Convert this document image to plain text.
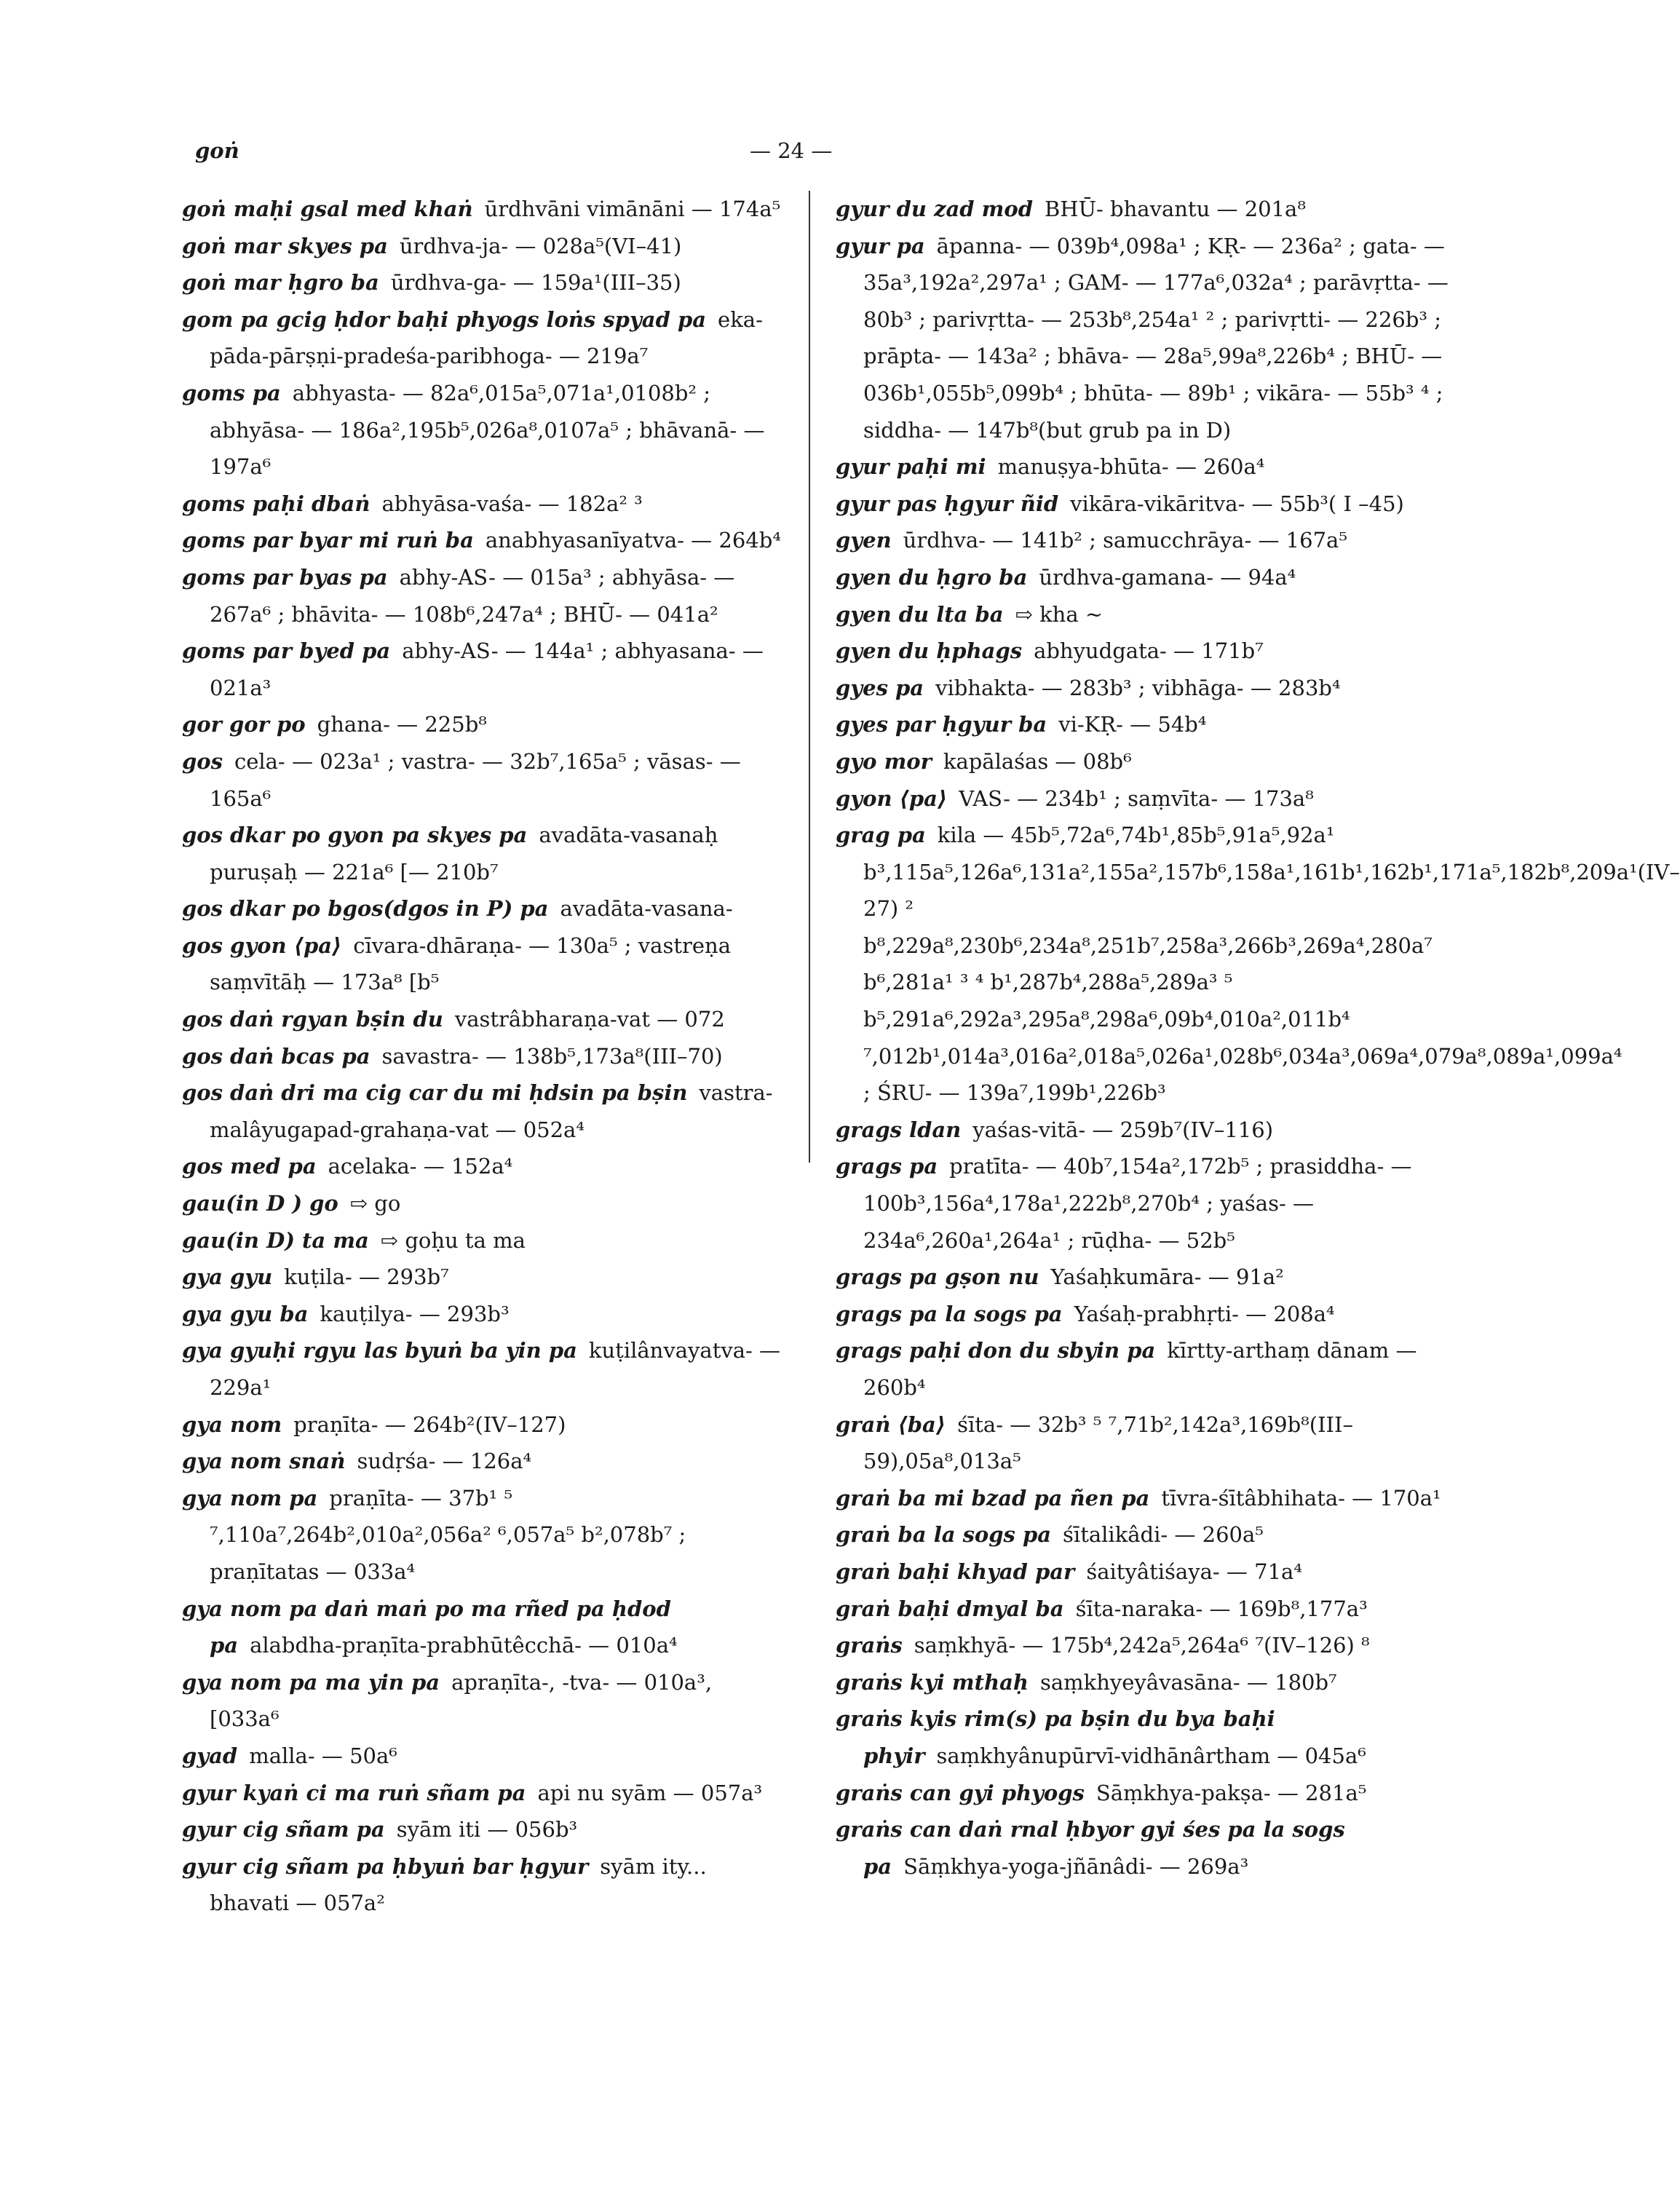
goṅ	— 24 —

goṅ maḥi gsal med khaṅ ūrdhvāni vimānāni — 174a⁵

goṅ mar skyes pa ūrdhva-ja- — 028a⁵(VI–41)

goṅ mar ḥgro ba ūrdhva-ga- — 159a¹(III–35)

gom pa gcig ḥdor baḥi phyogs loṅs spyad pa eka-pāda-pārṣṇi-pradeśa-paribhoga- — 219a⁷

goms pa abhyasta- — 82a⁶,015a⁵,071a¹,0108b² ; abhyāsa- — 186a²,195b⁵,026a⁸,0107a⁵ ; bhāvanā- — 197a⁶

goms paḥi dbaṅ abhyāsa-vaśa- — 182a² ³

goms par byar mi ruṅ ba anabhyasanīyatva- — 264b⁴

goms par byas pa abhy-AS- — 015a³ ; abhyāsa- — 267a⁶ ; bhāvita- — 108b⁶,247a⁴ ; BHŪ- — 041a²

goms par byed pa abhy-AS- — 144a¹ ; abhyasana- — 021a³

gor gor po ghana- — 225b⁸

gos cela- — 023a¹ ; vastra- — 32b⁷,165a⁵ ; vāsas- — 165a⁶

gos dkar po gyon pa skyes pa avadāta-vasanaḥ puruṣaḥ — 221a⁶ [— 210b⁷

gos dkar po bgos(dgos in P) pa avadāta-vasana-

gos gyon ⟨pa⟩ cīvara-dhāraṇa- — 130a⁵ ; vastreṇa saṃvītāḥ — 173a⁸ [b⁵

gos daṅ rgyan bṣin du vastrâbharaṇa-vat — 072

gos daṅ bcas pa savastra- — 138b⁵,173a⁸(III–70)

gos daṅ dri ma cig car du mi ḥdsin pa bṣin vastra-malâyugapad-grahaṇa-vat — 052a⁴

gos med pa acelaka- — 152a⁴

gau(in D ) go ⇨ go

gau(in D) ta ma ⇨ goḥu ta ma

gya gyu kuṭila- — 293b⁷

gya gyu ba kauṭilya- — 293b³

gya gyuḥi rgyu las byuṅ ba yin pa kuṭilânvayatva- — 229a¹

gya nom praṇīta- — 264b²(IV–127)

gya nom snaṅ sudṛśa- — 126a⁴

gya nom pa praṇīta- — 37b¹ ⁵ ⁷,110a⁷,264b²,010a²,056a² ⁶,057a⁵ b²,078b⁷ ; praṇītatas — 033a⁴

gya nom pa daṅ maṅ po ma rñed pa ḥdod pa alabdha-praṇīta-prabhūtêcchā- — 010a⁴

gya nom pa ma yin pa apraṇīta-, -tva- — 010a³, [033a⁶

gyad malla- — 50a⁶

gyur kyaṅ ci ma ruṅ sñam pa api nu syām — 057a³

gyur cig sñam pa syām iti — 056b³

gyur cig sñam pa ḥbyuṅ bar ḥgyur syām ity... bhavati — 057a²

gyur du zad mod BHŪ- bhavantu — 201a⁸

gyur pa āpanna- — 039b⁴,098a¹ ; KṚ- — 236a² ; gata- — 35a³,192a²,297a¹ ; GAM- — 177a⁶,032a⁴ ; parāvṛtta- — 80b³ ; parivṛtta- — 253b⁸,254a¹ ² ; parivṛtti- — 226b³ ; prāpta- — 143a² ; bhāva- — 28a⁵,99a⁸,226b⁴ ; BHŪ- — 036b¹,055b⁵,099b⁴ ; bhūta- — 89b¹ ; vikāra- — 55b³ ⁴ ; siddha- — 147b⁸(but grub pa in D)

gyur paḥi mi manuṣya-bhūta- — 260a⁴

gyur pas ḥgyur ñid vikāra-vikāritva- — 55b³( I –45)

gyen ūrdhva- — 141b² ; samucchrāya- — 167a⁵

gyen du ḥgro ba ūrdhva-gamana- — 94a⁴

gyen du lta ba ⇨ kha ~

gyen du ḥphags abhyudgata- — 171b⁷

gyes pa vibhakta- — 283b³ ; vibhāga- — 283b⁴

gyes par ḥgyur ba vi-KṚ- — 54b⁴

gyo mor kapālaśas — 08b⁶

gyon ⟨pa⟩ VAS- — 234b¹ ; saṃvīta- — 173a⁸

grag pa kila — 45b⁵,72a⁶,74b¹,85b⁵,91a⁵,92a¹ b³,115a⁵,126a⁶,131a²,155a²,157b⁶,158a¹,161b¹,162b¹,171a⁵,182b⁸,209a¹(IV–27) ² b⁸,229a⁸,230b⁶,234a⁸,251b⁷,258a³,266b³,269a⁴,280a⁷ b⁶,281a¹ ³ ⁴ b¹,287b⁴,288a⁵,289a³ ⁵ b⁵,291a⁶,292a³,295a⁸,298a⁶,09b⁴,010a²,011b⁴ ⁷,012b¹,014a³,016a²,018a⁵,026a¹,028b⁶,034a³,069a⁴,079a⁸,089a¹,099a⁴ ; ŚRU- — 139a⁷,199b¹,226b³

grags ldan yaśas-vitā- — 259b⁷(IV–116)

grags pa pratīta- — 40b⁷,154a²,172b⁵ ; prasiddha- — 100b³,156a⁴,178a¹,222b⁸,270b⁴ ; yaśas- — 234a⁶,260a¹,264a¹ ; rūḍha- — 52b⁵

grags pa gṣon nu Yaśaḥkumāra- — 91a²

grags pa la sogs pa Yaśaḥ-prabhṛti- — 208a⁴

grags paḥi don du sbyin pa kīrtty-arthaṃ dānam — 260b⁴

graṅ ⟨ba⟩ śīta- — 32b³ ⁵ ⁷,71b²,142a³,169b⁸(III–59),05a⁸,013a⁵

graṅ ba mi bzad pa ñen pa tīvra-śītâbhihata- — 170a¹

graṅ ba la sogs pa śītalikâdi- — 260a⁵

graṅ baḥi khyad par śaityâtiśaya- — 71a⁴

graṅ baḥi dmyal ba śīta-naraka- — 169b⁸,177a³

graṅs saṃkhyā- — 175b⁴,242a⁵,264a⁶ ⁷(IV–126) ⁸

graṅs kyi mthaḥ saṃkhyeyâvasāna- — 180b⁷

graṅs kyis rim(s) pa bṣin du bya baḥi phyir saṃkhyânupūrvī-vidhānârtham — 045a⁶

graṅs can gyi phyogs Sāṃkhya-pakṣa- — 281a⁵

graṅs can daṅ rnal ḥbyor gyi śes pa la sogs pa Sāṃkhya-yoga-jñānâdi- — 269a³
